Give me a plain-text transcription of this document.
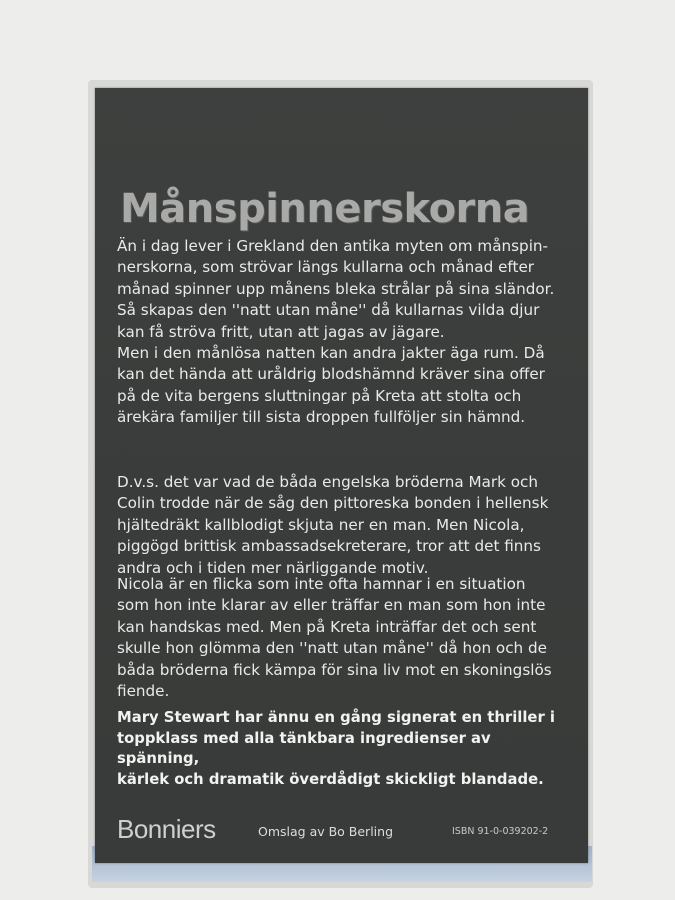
Månspinnerskorna

Än i dag lever i Grekland den antika myten om månspin-
nerskorna, som strövar längs kullarna och månad efter
månad spinner upp månens bleka strålar på sina sländor.
Så skapas den ''natt utan måne'' då kullarnas vilda djur
kan få ströva fritt, utan att jagas av jägare.

Men i den månlösa natten kan andra jakter äga rum. Då
kan det hända att uråldrig blodshämnd kräver sina offer
på de vita bergens sluttningar på Kreta att stolta och
ärekära familjer till sista droppen fullföljer sin hämnd.

D.v.s. det var vad de båda engelska bröderna Mark och
Colin trodde när de såg den pittoreska bonden i hellensk
hjältedräkt kallblodigt skjuta ner en man. Men Nicola,
piggögd brittisk ambassadsekreterare, tror att det finns
andra och i tiden mer närliggande motiv.

Nicola är en flicka som inte ofta hamnar i en situation
som hon inte klarar av eller träffar en man som hon inte
kan handskas med. Men på Kreta inträffar det och sent
skulle hon glömma den ''natt utan måne'' då hon och de
båda bröderna fick kämpa för sina liv mot en skoningslös
fiende.

Mary Stewart har ännu en gång signerat en thriller i
toppklass med alla tänkbara ingredienser av spänning,
kärlek och dramatik överdådigt skickligt blandade.

Bonniers	Omslag av Bo Berling	ISBN 91-0-039202-2
